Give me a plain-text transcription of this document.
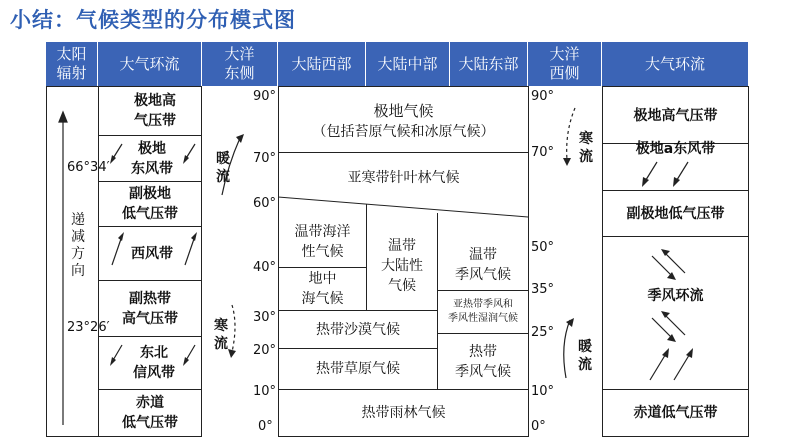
小结：气候类型的分布模式图
太阳
辐射
大气环流
大洋
东侧
大陆西部	大陆中部	大陆东部
大洋
西侧
大气环流
递
减
方
向
66°34′
23°26′
极地高
气压带
极地
东风带
副极地
低气压带
西风带
副热带
高气压带
东北
信风带
赤道
低气压带
暖
流
寒
流
90°
70°
60°
40°
30°
20°
10°
0°
极地气候
（包括苔原气候和冰原气候）
亚寒带针叶林气候
温带海洋
性气候
地中
海气候
温带
大陆性
气候
温带
季风气候
亚热带季风和
季风性湿润气候
热带沙漠气候
热带草原气候
热带
季风气候
热带雨林气候
90°
70°
50°
35°
25°
10°
0°
寒
流
暖
流
极地高气压带
极地a东风带
副极地低气压带
季风环流
赤道低气压带
